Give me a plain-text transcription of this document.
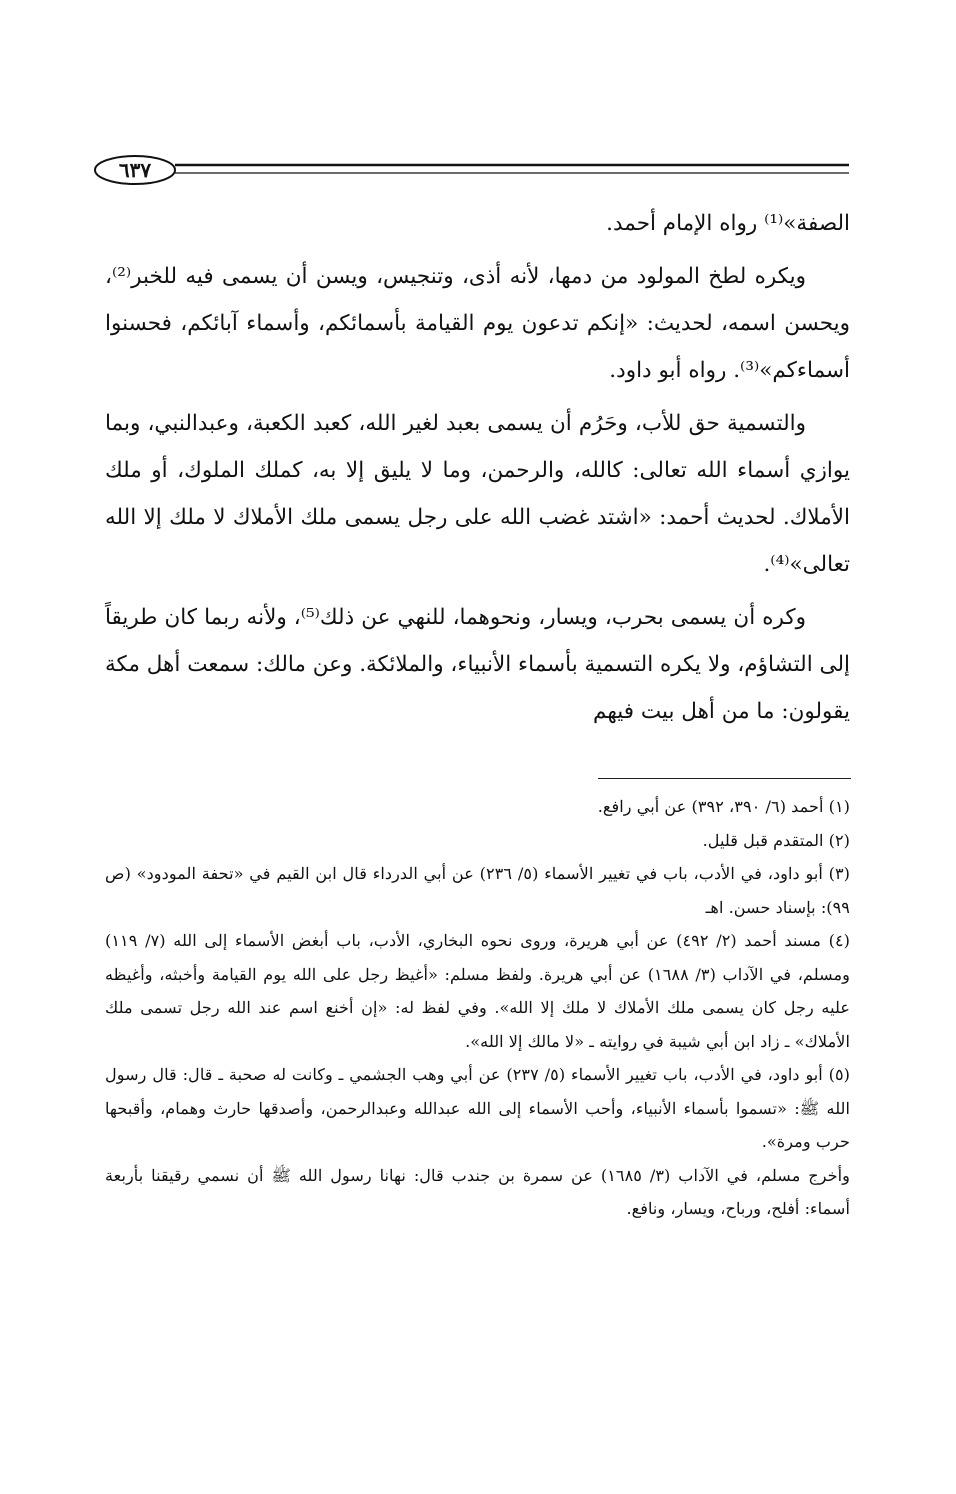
٦٣٧

الصفة»⁽¹⁾ رواه الإمام أحمد.

ويكره لطخ المولود من دمها، لأنه أذى، وتنجيس، ويسن أن يسمى فيه للخبر⁽²⁾، ويحسن اسمه، لحديث: «إنكم تدعون يوم القيامة بأسمائكم، وأسماء آبائكم، فحسنوا أسماءكم»⁽³⁾. رواه أبو داود.

والتسمية حق للأب، وحَرُم أن يسمى بعبد لغير الله، كعبد الكعبة، وعبدالنبي، وبما يوازي أسماء الله تعالى: كالله، والرحمن، وما لا يليق إلا به، كملك الملوك، أو ملك الأملاك. لحديث أحمد: «اشتد غضب الله على رجل يسمى ملك الأملاك لا ملك إلا الله تعالى»⁽⁴⁾.

وكره أن يسمى بحرب، ويسار، ونحوهما، للنهي عن ذلك⁽⁵⁾، ولأنه ربما كان طريقاً إلى التشاؤم، ولا يكره التسمية بأسماء الأنبياء، والملائكة. وعن مالك: سمعت أهل مكة يقولون: ما من أهل بيت فيهم

(١) أحمد (٦/ ٣٩٠، ٣٩٢) عن أبي رافع.

(٢) المتقدم قبل قليل.

(٣) أبو داود، في الأدب، باب في تغيير الأسماء (٥/ ٢٣٦) عن أبي الدرداء قال ابن القيم في «تحفة المودود» (ص ٩٩): بإسناد حسن. اهـ

(٤) مسند أحمد (٢/ ٤٩٢) عن أبي هريرة، وروى نحوه البخاري، الأدب، باب أبغض الأسماء إلى الله (٧/ ١١٩) ومسلم، في الآداب (٣/ ١٦٨٨) عن أبي هريرة. ولفظ مسلم: «أغيظ رجل على الله يوم القيامة وأخبثه، وأغيظه عليه رجل كان يسمى ملك الأملاك لا ملك إلا الله». وفي لفظ له: «إن أخنع اسم عند الله رجل تسمى ملك الأملاك» ـ زاد ابن أبي شيبة في روايته ـ «لا مالك إلا الله».

(٥) أبو داود، في الأدب، باب تغيير الأسماء (٥/ ٢٣٧) عن أبي وهب الجشمي ـ وكانت له صحبة ـ قال: قال رسول الله ﷺ: «تسموا بأسماء الأنبياء، وأحب الأسماء إلى الله عبدالله وعبدالرحمن، وأصدقها حارث وهمام، وأقبحها حرب ومرة».

وأخرج مسلم، في الآداب (٣/ ١٦٨٥) عن سمرة بن جندب قال: نهانا رسول الله ﷺ أن نسمي رقيقنا بأربعة أسماء: أفلح، ورباح، ويسار، ونافع.
